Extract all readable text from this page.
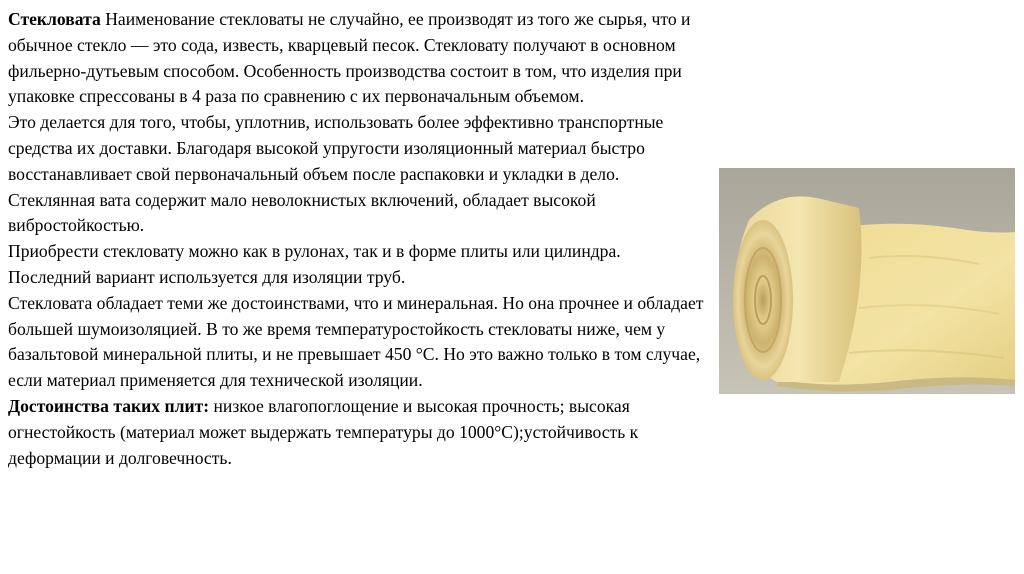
Стекловата Наименование стекловаты не случайно, ее производят из того же сырья, что и обычное стекло — это сода, известь, кварцевый песок. Стекловату получают в основном фильерно-дутьевым способом. Особенность производства состоит в том, что изделия при упаковке спрессованы в 4 раза по сравнению с их первоначальным объемом.

Это делается для того, чтобы, уплотнив, использовать более эффективно транспортные средства их доставки. Благодаря высокой упругости изоляционный материал быстро восстанавливает свой первоначальный объем после распаковки и укладки в дело. Стеклянная вата содержит мало неволокнистых включений, обладает высокой вибростойкостью.

Приобрести стекловату можно как в рулонах, так и в форме плиты или цилиндра. Последний вариант используется для изоляции труб.

Стекловата обладает теми же достоинствами, что и минеральная. Но она прочнее и обладает большей шумоизоляцией. В то же время температуростойкость стекловаты ниже, чем у базальтовой минеральной плиты, и не превышает 450 °С. Но это важно только в том случае, если материал применяется для технической изоляции.

Достоинства таких плит: низкое влагопоглощение и высокая прочность; высокая огнестойкость (материал может выдержать температуры до 1000°С);устойчивость к деформации и долговечность.
